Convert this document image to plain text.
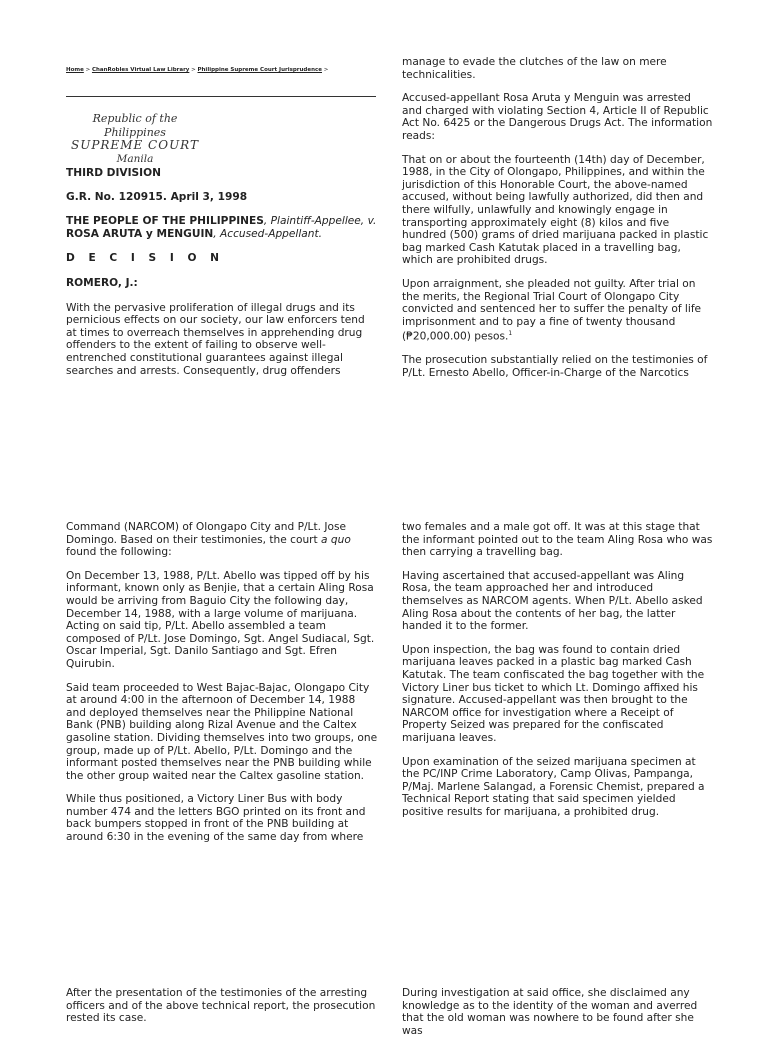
Home > ChanRobles Virtual Law Library > Philippine Supreme Court Jurisprudence >
Republic of the Philippines
SUPREME COURT
Manila

THIRD DIVISION

G.R. No. 120915. April 3, 1998

THE PEOPLE OF THE PHILIPPINES, Plaintiff-Appellee, v. ROSA ARUTA y MENGUIN, Accused-Appellant.

D E C I S I O N

ROMERO, J.:

With the pervasive proliferation of illegal drugs and its pernicious effects on our society, our law enforcers tend at times to overreach themselves in apprehending drug offenders to the extent of failing to observe well-entrenched constitutional guarantees against illegal searches and arrests. Consequently, drug offenders

manage to evade the clutches of the law on mere technicalities.

Accused-appellant Rosa Aruta y Menguin was arrested and charged with violating Section 4, Article II of Republic Act No. 6425 or the Dangerous Drugs Act. The information reads:

That on or about the fourteenth (14th) day of December, 1988, in the City of Olongapo, Philippines, and within the jurisdiction of this Honorable Court, the above-named accused, without being lawfully authorized, did then and there wilfully, unlawfully and knowingly engage in transporting approximately eight (8) kilos and five hundred (500) grams of dried marijuana packed in plastic bag marked Cash Katutak placed in a travelling bag, which are prohibited drugs.

Upon arraignment, she pleaded not guilty. After trial on the merits, the Regional Trial Court of Olongapo City convicted and sentenced her to suffer the penalty of life imprisonment and to pay a fine of twenty thousand (₱20,000.00) pesos.$^1$

The prosecution substantially relied on the testimonies of P/Lt. Ernesto Abello, Officer-in-Charge of the Narcotics

Command (NARCOM) of Olongapo City and P/Lt. Jose Domingo. Based on their testimonies, the court a quo found the following:

On December 13, 1988, P/Lt. Abello was tipped off by his informant, known only as Benjie, that a certain Aling Rosa would be arriving from Baguio City the following day, December 14, 1988, with a large volume of marijuana. Acting on said tip, P/Lt. Abello assembled a team composed of P/Lt. Jose Domingo, Sgt. Angel Sudiacal, Sgt. Oscar Imperial, Sgt. Danilo Santiago and Sgt. Efren Quirubin.

Said team proceeded to West Bajac-Bajac, Olongapo City at around 4:00 in the afternoon of December 14, 1988 and deployed themselves near the Philippine National Bank (PNB) building along Rizal Avenue and the Caltex gasoline station. Dividing themselves into two groups, one group, made up of P/Lt. Abello, P/Lt. Domingo and the informant posted themselves near the PNB building while the other group waited near the Caltex gasoline station.

While thus positioned, a Victory Liner Bus with body number 474 and the letters BGO printed on its front and back bumpers stopped in front of the PNB building at around 6:30 in the evening of the same day from where

two females and a male got off. It was at this stage that the informant pointed out to the team Aling Rosa who was then carrying a travelling bag.

Having ascertained that accused-appellant was Aling Rosa, the team approached her and introduced themselves as NARCOM agents. When P/Lt. Abello asked Aling Rosa about the contents of her bag, the latter handed it to the former.

Upon inspection, the bag was found to contain dried marijuana leaves packed in a plastic bag marked Cash Katutak. The team confiscated the bag together with the Victory Liner bus ticket to which Lt. Domingo affixed his signature. Accused-appellant was then brought to the NARCOM office for investigation where a Receipt of Property Seized was prepared for the confiscated marijuana leaves.

Upon examination of the seized marijuana specimen at the PC/INP Crime Laboratory, Camp Olivas, Pampanga, P/Maj. Marlene Salangad, a Forensic Chemist, prepared a Technical Report stating that said specimen yielded positive results for marijuana, a prohibited drug.

After the presentation of the testimonies of the arresting officers and of the above technical report, the prosecution rested its case.

During investigation at said office, she disclaimed any knowledge as to the identity of the woman and averred that the old woman was nowhere to be found after she was
